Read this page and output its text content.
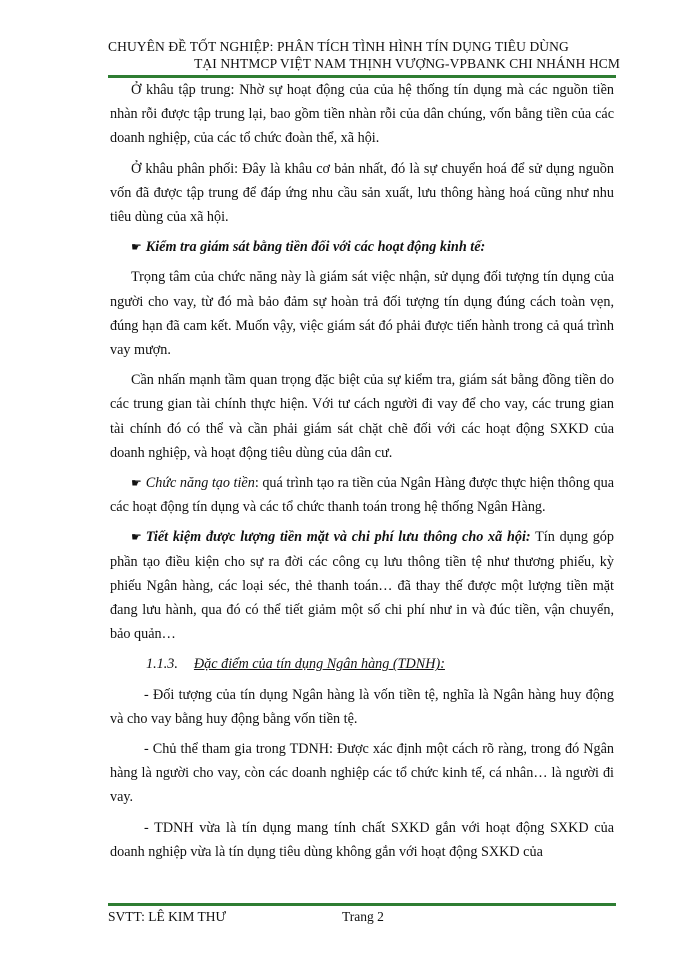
CHUYÊN ĐỀ TỐT NGHIỆP: PHÂN TÍCH TÌNH HÌNH TÍN DỤNG TIÊU DÙNG
TẠI NHTMCP VIỆT NAM THỊNH VƯỢNG-VPBANK CHI NHÁNH HCM

Ở khâu tập trung: Nhờ sự hoạt động của của hệ thống tín dụng mà các nguồn tiền nhàn rỗi được tập trung lại, bao gồm tiền nhàn rỗi của dân chúng, vốn bằng tiền của các doanh nghiệp, của các tổ chức đoàn thể, xã hội.

Ở khâu phân phối: Đây là khâu cơ bản nhất, đó là sự chuyển hoá để sử dụng nguồn vốn đã được tập trung để đáp ứng nhu cầu sản xuất, lưu thông hàng hoá cũng như nhu tiêu dùng của xã hội.

☛ Kiểm tra giám sát bằng tiền đối với các hoạt động kinh tế:

Trọng tâm của chức năng này là giám sát việc nhận, sử dụng đối tượng tín dụng của người cho vay, từ đó mà bảo đảm sự hoàn trả đối tượng tín dụng đúng cách toàn vẹn, đúng hạn đã cam kết. Muốn vậy, việc giám sát đó phải được tiến hành trong cả quá trình vay mượn.

Cần nhấn mạnh tầm quan trọng đặc biệt của sự kiểm tra, giám sát bằng đồng tiền do các trung gian tài chính thực hiện. Với tư cách người đi vay để cho vay, các trung gian tài chính đó có thể và cần phải giám sát chặt chẽ đối với các hoạt động SXKD của doanh nghiệp, và hoạt động tiêu dùng của dân cư.

☛ Chức năng tạo tiền: quá trình tạo ra tiền của Ngân Hàng được thực hiện thông qua các hoạt động tín dụng và các tổ chức thanh toán trong hệ thống Ngân Hàng.

☛ Tiết kiệm được lượng tiền mặt và chi phí lưu thông cho xã hội: Tín dụng góp phần tạo điều kiện cho sự ra đời các công cụ lưu thông tiền tệ như thương phiếu, kỳ phiếu Ngân hàng, các loại séc, thẻ thanh toán… đã thay thế được một lượng tiền mặt đang lưu hành, qua đó có thể tiết giảm một số chi phí như in và đúc tiền, vận chuyển, bảo quản…

1.1.3. Đặc điểm của tín dụng Ngân hàng (TDNH):

- Đối tượng của tín dụng Ngân hàng là vốn tiền tệ, nghĩa là Ngân hàng huy động và cho vay bằng huy động bằng vốn tiền tệ.

- Chủ thể tham gia trong TDNH: Được xác định một cách rõ ràng, trong đó Ngân hàng là người cho vay, còn các doanh nghiệp các tổ chức kinh tế, cá nhân… là người đi vay.

- TDNH vừa là tín dụng mang tính chất SXKD gắn với hoạt động SXKD của doanh nghiệp vừa là tín dụng tiêu dùng không gắn với hoạt động SXKD của

SVTT: LÊ KIM THƯ	Trang 2
